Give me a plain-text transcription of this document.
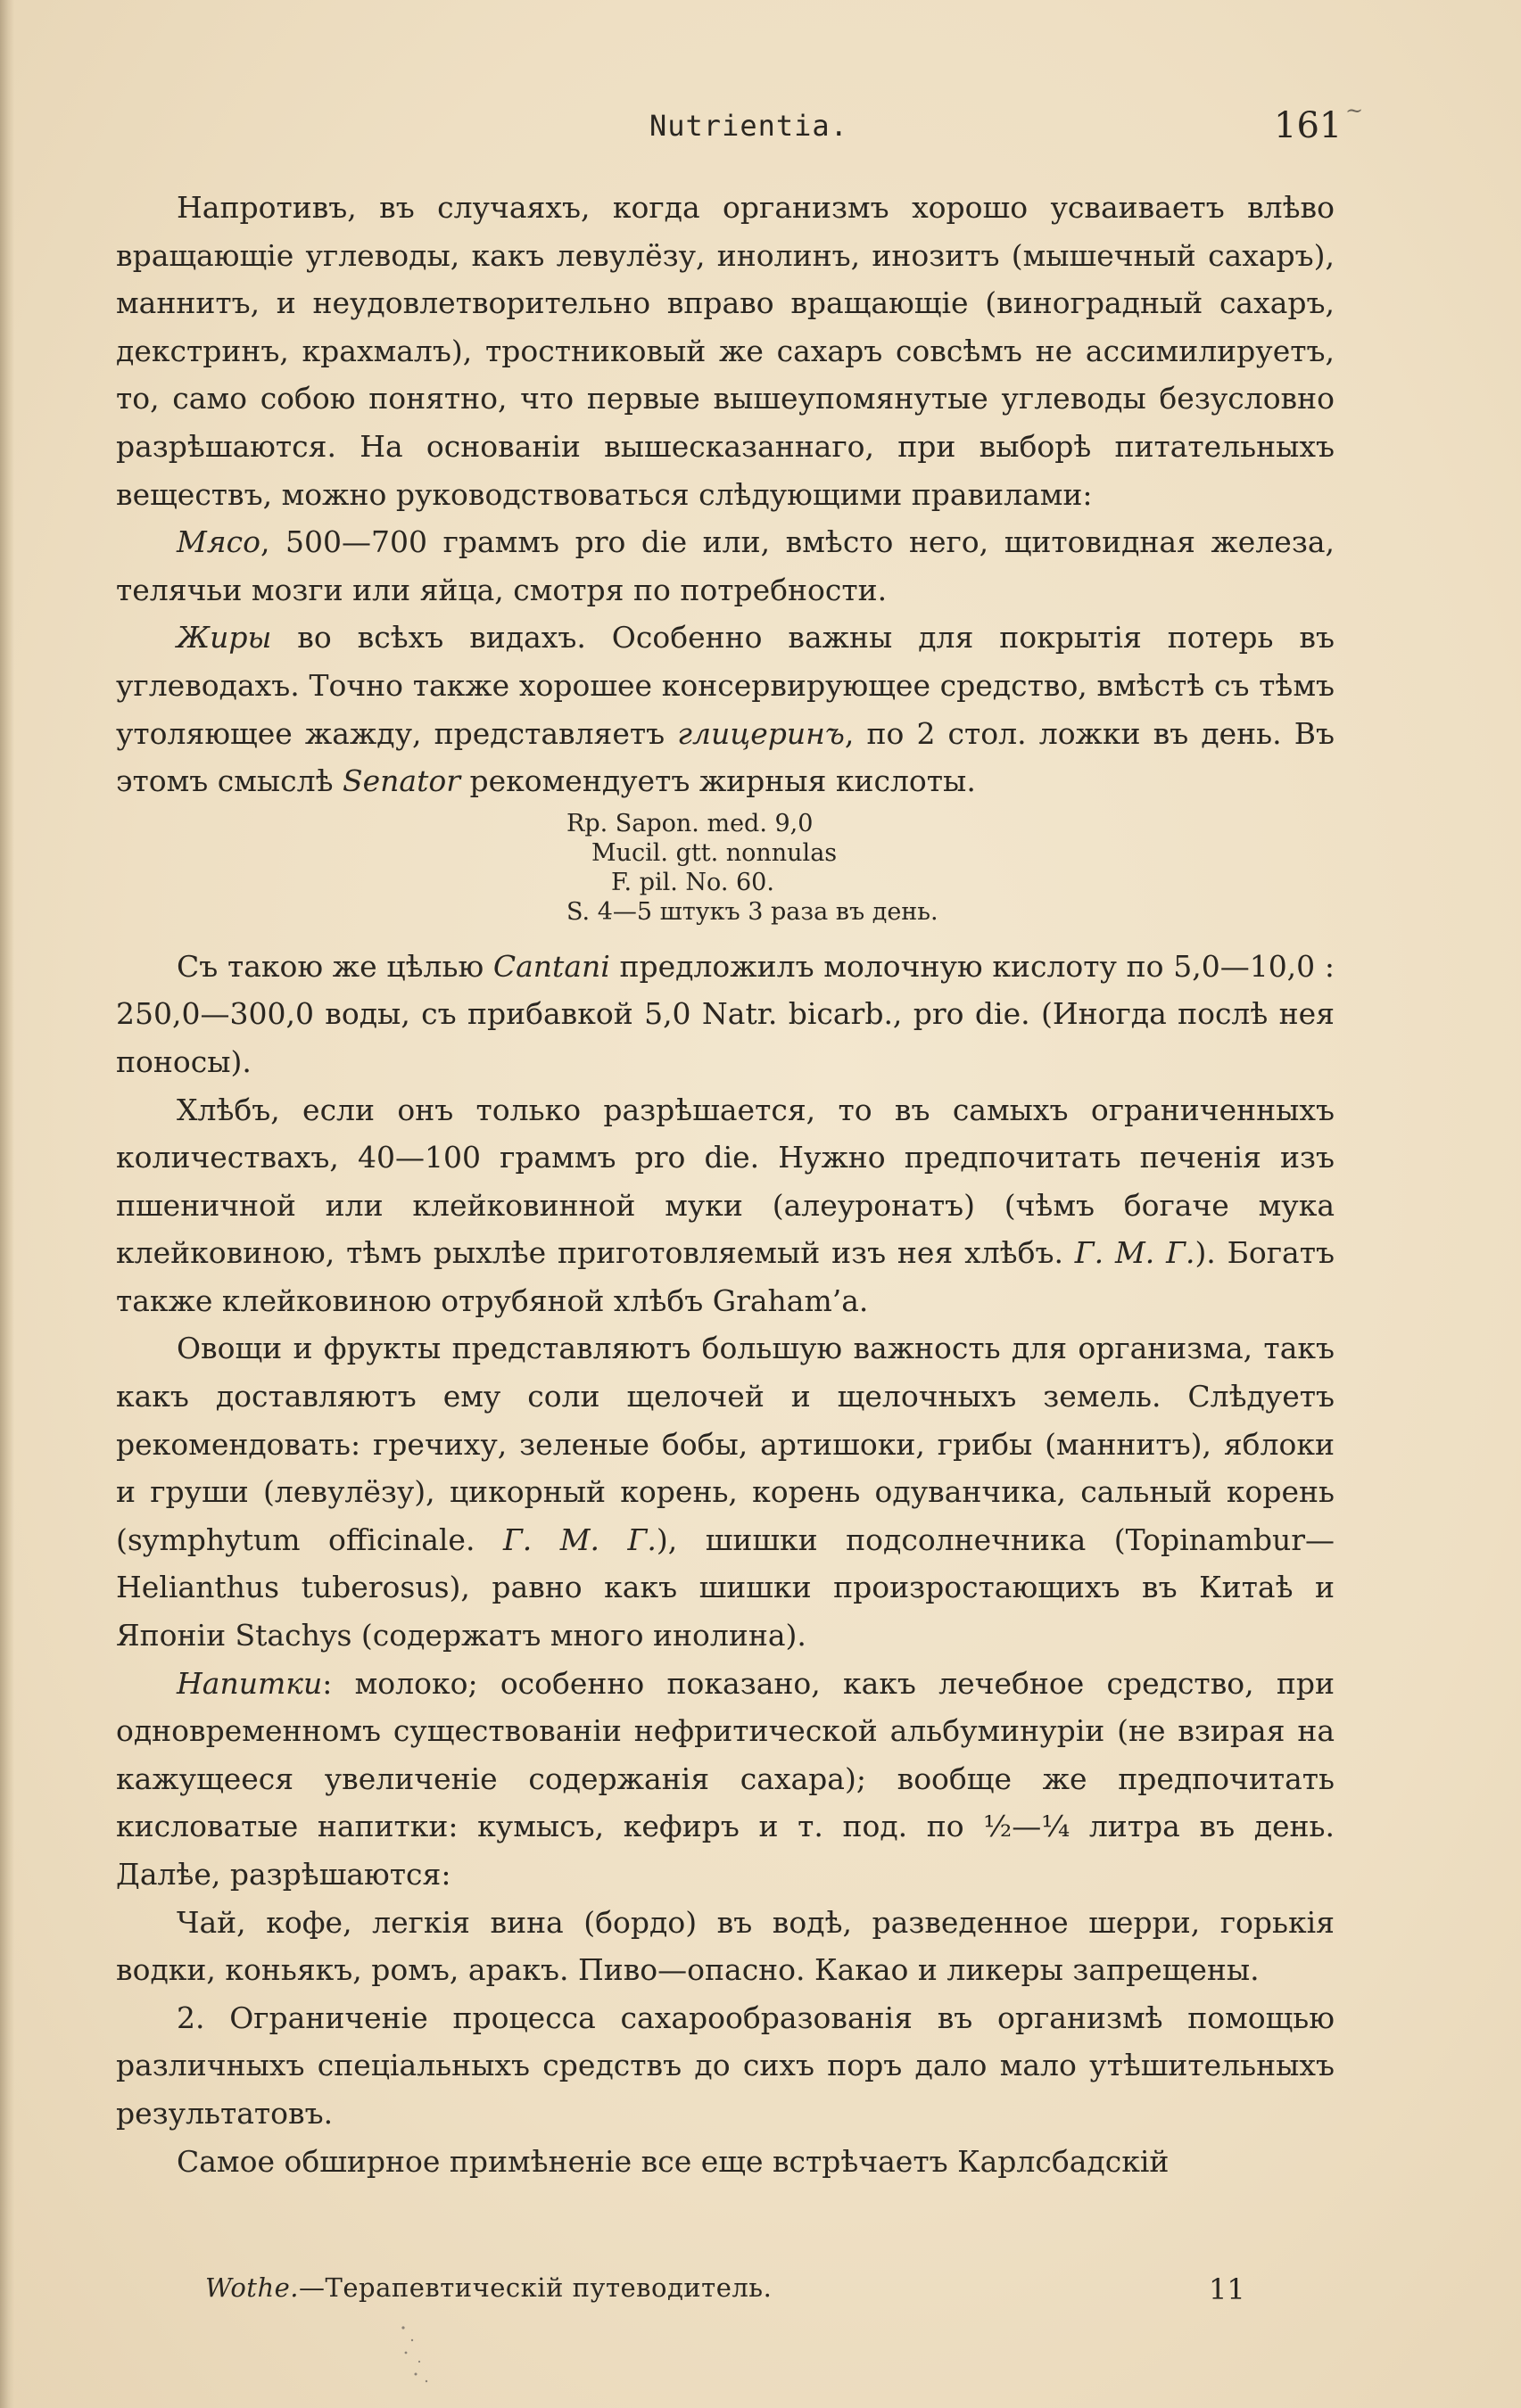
Nutrientia.	161 ~

Напротивъ, въ случаяхъ, когда организмъ хорошо усваиваетъ влѣво вращающіе углеводы, какъ левулёзу, инолинъ, инозитъ (мышечный сахаръ), маннитъ, и неудовлетворительно вправо вращающіе (виноградный сахаръ, декстринъ, крахмалъ), тростниковый же сахаръ совсѣмъ не ассимилируетъ, то, само собою понятно, что первые вышеупомянутые углеводы безусловно разрѣшаются. На основаніи вышесказаннаго, при выборѣ питательныхъ веществъ, можно руководствоваться слѣдующими правилами:

Мясо, 500—700 граммъ pro die или, вмѣсто него, щитовидная железа, телячьи мозги или яйца, смотря по потребности.

Жиры во всѣхъ видахъ. Особенно важны для покрытія потерь въ углеводахъ. Точно также хорошее консервирующее средство, вмѣстѣ съ тѣмъ утоляющее жажду, представляетъ глицеринъ, по 2 стол. ложки въ день. Въ этомъ смыслѣ Senator рекомендуетъ жирныя кислоты.

Rp. Sapon. med. 9,0
Mucil. gtt. nonnulas
F. pil. No. 60.
S. 4—5 штукъ 3 раза въ день.

Съ такою же цѣлью Cantani предложилъ молочную кислоту по 5,0—10,0 : 250,0—300,0 воды, съ прибавкой 5,0 Natr. bicarb., pro die. (Иногда послѣ нея поносы).

Хлѣбъ, если онъ только разрѣшается, то въ самыхъ ограниченныхъ количествахъ, 40—100 граммъ pro die. Нужно предпочитать печенія изъ пшеничной или клейковинной муки (алеуронатъ) (чѣмъ богаче мука клейковиною, тѣмъ рыхлѣе приготовляемый изъ нея хлѣбъ. Г. М. Г.). Богатъ также клейковиною отрубяной хлѣбъ Graham’a.

Овощи и фрукты представляютъ большую важность для организма, такъ какъ доставляютъ ему соли щелочей и щелочныхъ земель. Слѣдуетъ рекомендовать: гречиху, зеленые бобы, артишоки, грибы (маннитъ), яблоки и груши (левулёзу), цикорный корень, корень одуванчика, сальный корень (symphytum officinale. Г. М. Г.), шишки подсолнечника (Topinambur—Helianthus tuberosus), равно какъ шишки произростающихъ въ Китаѣ и Японіи Stachys (содержатъ много инолина).

Напитки: молоко; особенно показано, какъ лечебное средство, при одновременномъ существованіи нефритической альбуминуріи (не взирая на кажущееся увеличеніе содержанія сахара); вообще же предпочитать кисловатые напитки: кумысъ, кефиръ и т. под. по ½—¼ литра въ день. Далѣе, разрѣшаются:

Чай, кофе, легкія вина (бордо) въ водѣ, разведенное шерри, горькія водки, коньякъ, ромъ, аракъ. Пиво—опасно. Какао и ликеры запрещены.

2. Ограниченіе процесса сахарообразованія въ организмѣ помощью различныхъ спеціальныхъ средствъ до сихъ поръ дало мало утѣшительныхъ результатовъ.

Самое обширное примѣненіе все еще встрѣчаетъ Карлсбадскій

Wothe.—Терапевтическій путеводитель.	11
